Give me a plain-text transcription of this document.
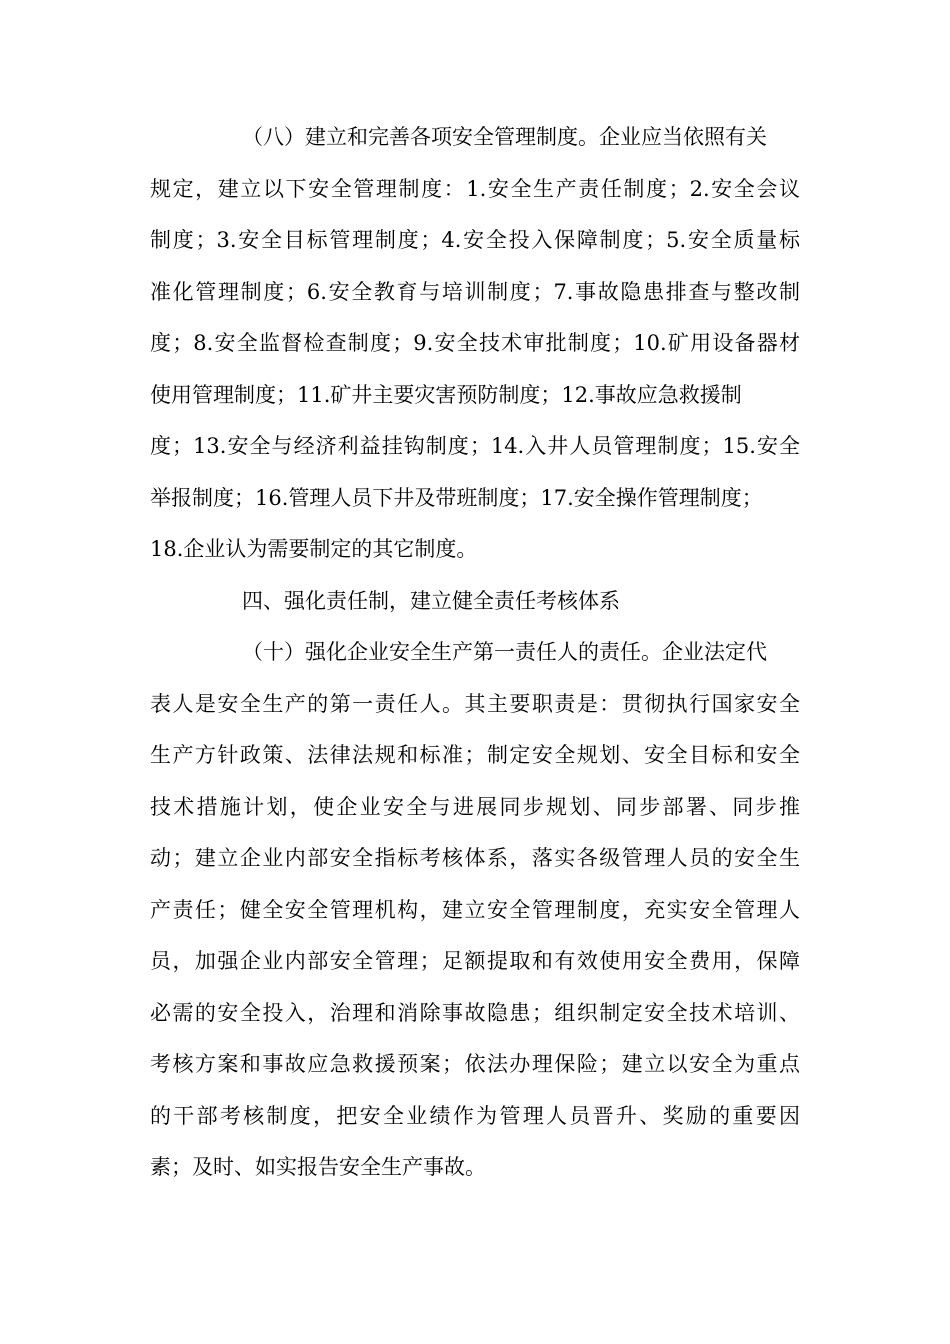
（八）建立和完善各项安全管理制度。企业应当依照有关
规定，建立以下安全管理制度：1.安全生产责任制度；2.安全会议
制度；3.安全目标管理制度；4.安全投入保障制度；5.安全质量标
准化管理制度；6.安全教育与培训制度；7.事故隐患排查与整改制
度；8.安全监督检查制度；9.安全技术审批制度；10.矿用设备器材
使用管理制度；11.矿井主要灾害预防制度；12.事故应急救援制
度；13.安全与经济利益挂钩制度；14.入井人员管理制度；15.安全
举报制度；16.管理人员下井及带班制度；17.安全操作管理制度；
18.企业认为需要制定的其它制度。
四、强化责任制，建立健全责任考核体系
（十）强化企业安全生产第一责任人的责任。企业法定代
表人是安全生产的第一责任人。其主要职责是：贯彻执行国家安全
生产方针政策、法律法规和标准；制定安全规划、安全目标和安全
技术措施计划，使企业安全与进展同步规划、同步部署、同步推
动；建立企业内部安全指标考核体系，落实各级管理人员的安全生
产责任；健全安全管理机构，建立安全管理制度，充实安全管理人
员，加强企业内部安全管理；足额提取和有效使用安全费用，保障
必需的安全投入，治理和消除事故隐患；组织制定安全技术培训、
考核方案和事故应急救援预案；依法办理保险；建立以安全为重点
的干部考核制度，把安全业绩作为管理人员晋升、奖励的重要因
素；及时、如实报告安全生产事故。
